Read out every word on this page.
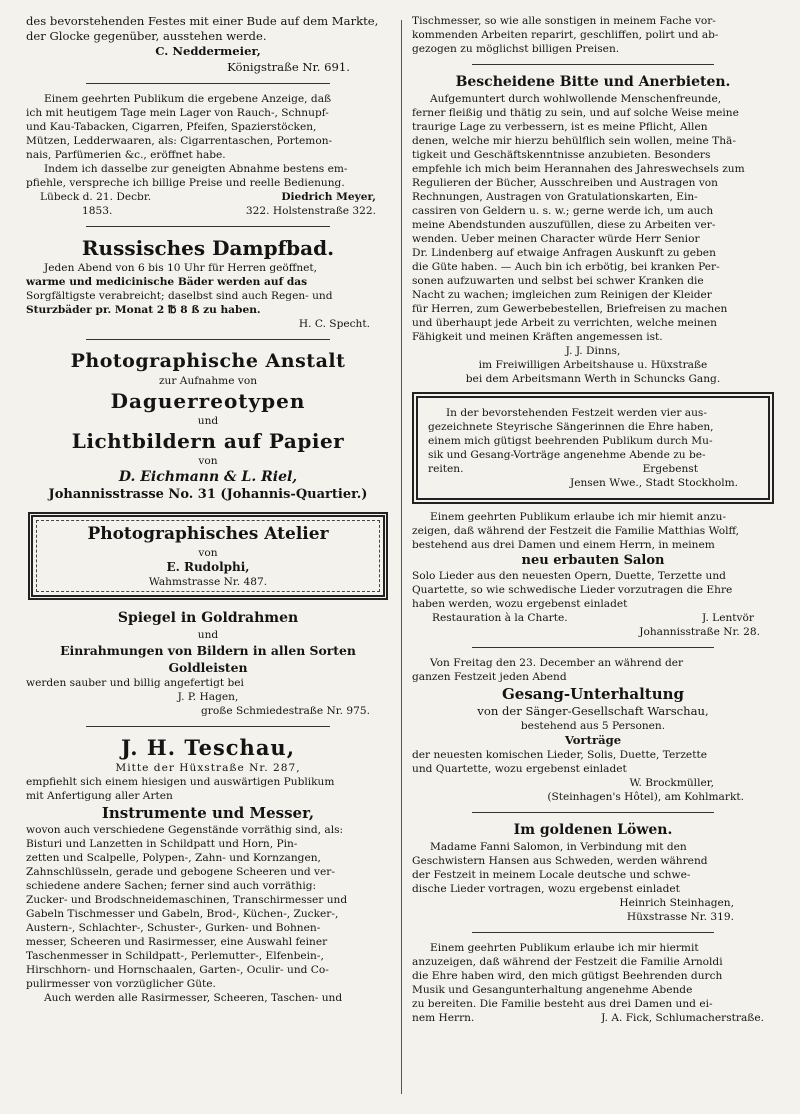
des bevorstehenden Festes mit einer Bude auf dem Markte,
der Glocke gegenüber, ausstehen werde.
C. Neddermeier,
Königstraße Nr. 691.
Einem geehrten Publikum die ergebene Anzeige, daß
ich mit heutigem Tage mein Lager von Rauch-, Schnupf-
und Kau-Tabacken, Cigarren, Pfeifen, Spazierstöcken,
Mützen, Ledderwaaren, als: Cigarrentaschen, Portemon-
nais, Parfümerien &c., eröffnet habe.
Indem ich dasselbe zur geneigten Abnahme bestens em-
pfiehle, verspreche ich billige Preise und reelle Bedienung.
Lübeck d. 21. Decbr.	Diedrich Meyer,
1853.	322. Holstenstraße 322.
Russisches Dampfbad.
Jeden Abend von 6 bis 10 Uhr für Herren geöffnet,
warme und medicinische Bäder werden auf das
Sorgfältigste verabreicht; daselbst sind auch Regen- und
Sturzbäder pr. Monat 2 ℔ 8 ß zu haben.
H. C. Specht.
Photographische Anstalt
zur Aufnahme von
Daguerreotypen
und
Lichtbildern auf Papier
von
D. Eichmann & L. Riel,
Johannisstrasse No. 31 (Johannis-Quartier.)
Photographisches Atelier
von
E. Rudolphi,
Wahmstrasse Nr. 487.
Spiegel in Goldrahmen
und
Einrahmungen von Bildern in allen Sorten
Goldleisten
werden sauber und billig angefertigt bei
J. P. Hagen,
große Schmiedestraße Nr. 975.
J. H. Teschau,
Mitte der Hüxstraße Nr. 287,
empfiehlt sich einem hiesigen und auswärtigen Publikum
mit Anfertigung aller Arten
Instrumente und Messer,
wovon auch verschiedene Gegenstände vorräthig sind, als:
Bisturi und Lanzetten in Schildpatt und Horn, Pin-
zetten und Scalpelle, Polypen-, Zahn- und Kornzangen,
Zahnschlüsseln, gerade und gebogene Scheeren und ver-
schiedene andere Sachen; ferner sind auch vorräthig:
Zucker- und Brodschneidemaschinen, Transchirmesser und
Gabeln Tischmesser und Gabeln, Brod-, Küchen-, Zucker-,
Austern-, Schlachter-, Schuster-, Gurken- und Bohnen-
messer, Scheeren und Rasirmesser, eine Auswahl feiner
Taschenmesser in Schildpatt-, Perlemutter-, Elfenbein-,
Hirschhorn- und Hornschaalen, Garten-, Oculir- und Co-
pulirmesser von vorzüglicher Güte.
Auch werden alle Rasirmesser, Scheeren, Taschen- und
Tischmesser, so wie alle sonstigen in meinem Fache vor-
kommenden Arbeiten reparirt, geschliffen, polirt und ab-
gezogen zu möglichst billigen Preisen.
Bescheidene Bitte und Anerbieten.
Aufgemuntert durch wohlwollende Menschenfreunde,
ferner fleißig und thätig zu sein, und auf solche Weise meine
traurige Lage zu verbessern, ist es meine Pflicht, Allen
denen, welche mir hierzu behülflich sein wollen, meine Thä-
tigkeit und Geschäftskenntnisse anzubieten. Besonders
empfehle ich mich beim Herannahen des Jahreswechsels zum
Regulieren der Bücher, Ausschreiben und Austragen von
Rechnungen, Austragen von Gratulationskarten, Ein-
cassiren von Geldern u. s. w.; gerne werde ich, um auch
meine Abendstunden auszufüllen, diese zu Arbeiten ver-
wenden. Ueber meinen Character würde Herr Senior
Dr. Lindenberg auf etwaige Anfragen Auskunft zu geben
die Güte haben. — Auch bin ich erbötig, bei kranken Per-
sonen aufzuwarten und selbst bei schwer Kranken die
Nacht zu wachen; imgleichen zum Reinigen der Kleider
für Herren, zum Gewerbebestellen, Briefreisen zu machen
und überhaupt jede Arbeit zu verrichten, welche meinen
Fähigkeit und meinen Kräften angemessen ist.
J. J. Dinns,
im Freiwilligen Arbeitshause u. Hüxstraße
bei dem Arbeitsmann Werth in Schuncks Gang.
In der bevorstehenden Festzeit werden vier aus-
gezeichnete Steyrische Sängerinnen die Ehre haben,
einem mich gütigst beehrenden Publikum durch Mu-
sik und Gesang-Vorträge angenehme Abende zu be-
reiten.	Ergebenst
Jensen Wwe., Stadt Stockholm.
Einem geehrten Publikum erlaube ich mir hiemit anzu-
zeigen, daß während der Festzeit die Familie Matthias Wolff,
bestehend aus drei Damen und einem Herrn, in meinem
neu erbauten Salon
Solo Lieder aus den neuesten Opern, Duette, Terzette und
Quartette, so wie schwedische Lieder vorzutragen die Ehre
haben werden, wozu ergebenst einladet
Restauration à la Charte.	J. Lentvör
Johannisstraße Nr. 28.
Von Freitag den 23. December an während der
ganzen Festzeit jeden Abend
Gesang-Unterhaltung
von der Sänger-Gesellschaft Warschau,
bestehend aus 5 Personen.
Vorträge
der neuesten komischen Lieder, Solis, Duette, Terzette
und Quartette, wozu ergebenst einladet
W. Brockmüller,
(Steinhagen's Hôtel), am Kohlmarkt.
Im goldenen Löwen.
Madame Fanni Salomon, in Verbindung mit den
Geschwistern Hansen aus Schweden, werden während
der Festzeit in meinem Locale deutsche und schwe-
dische Lieder vortragen, wozu ergebenst einladet
Heinrich Steinhagen,
Hüxstrasse Nr. 319.
Einem geehrten Publikum erlaube ich mir hiermit
anzuzeigen, daß während der Festzeit die Familie Arnoldi
die Ehre haben wird, den mich gütigst Beehrenden durch
Musik und Gesangunterhaltung angenehme Abende
zu bereiten. Die Familie besteht aus drei Damen und ei-
nem Herrn.	J. A. Fick, Schlumacherstraße.
